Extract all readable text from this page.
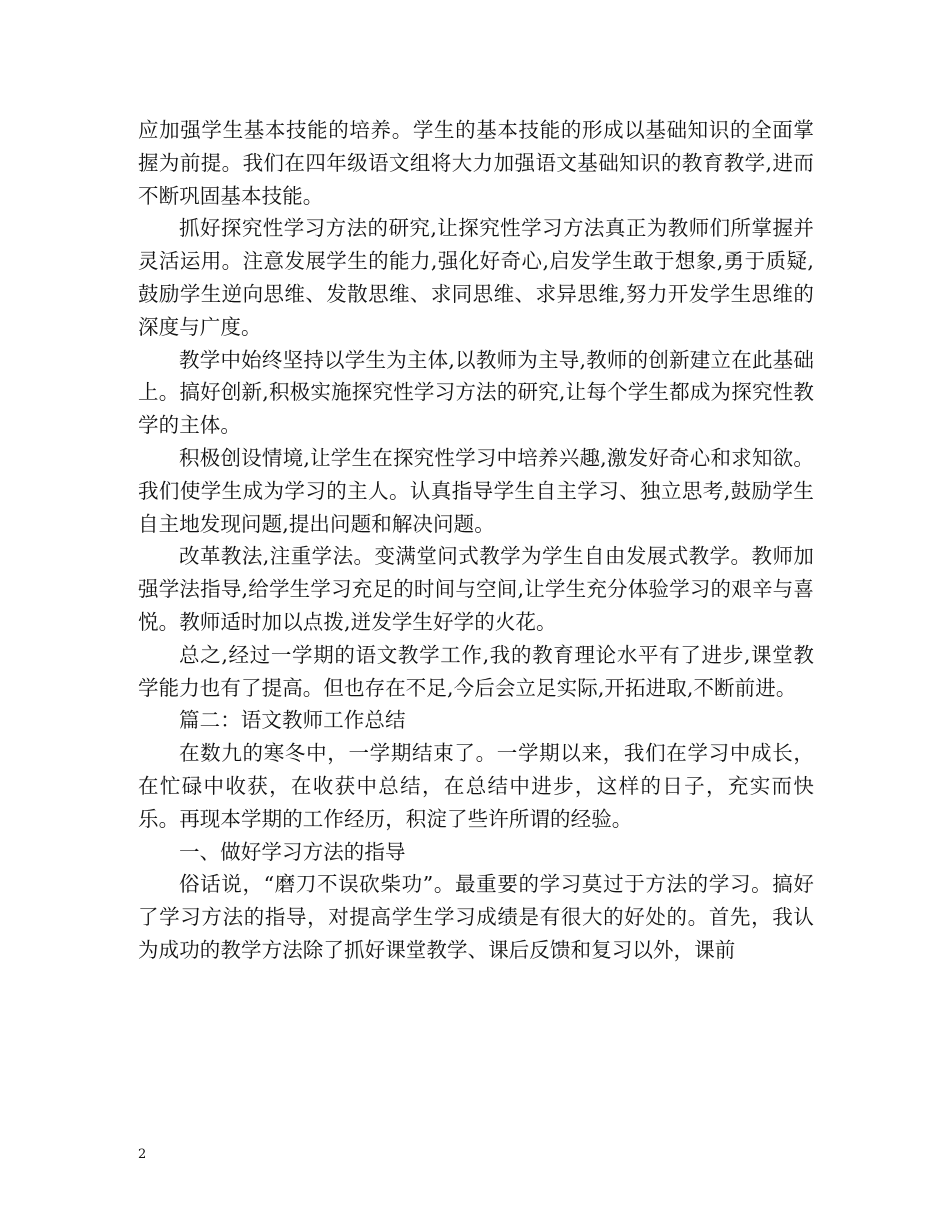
应加强学生基本技能的培养。学生的基本技能的形成以基础知识的全面掌握为前提。我们在四年级语文组将大力加强语文基础知识的教育教学,进而不断巩固基本技能。

抓好探究性学习方法的研究,让探究性学习方法真正为教师们所掌握并灵活运用。注意发展学生的能力,强化好奇心,启发学生敢于想象,勇于质疑,鼓励学生逆向思维、发散思维、求同思维、求异思维,努力开发学生思维的深度与广度。

教学中始终坚持以学生为主体,以教师为主导,教师的创新建立在此基础上。搞好创新,积极实施探究性学习方法的研究,让每个学生都成为探究性教学的主体。

积极创设情境,让学生在探究性学习中培养兴趣,激发好奇心和求知欲。我们使学生成为学习的主人。认真指导学生自主学习、独立思考,鼓励学生自主地发现问题,提出问题和解决问题。

改革教法,注重学法。变满堂问式教学为学生自由发展式教学。教师加强学法指导,给学生学习充足的时间与空间,让学生充分体验学习的艰辛与喜悦。教师适时加以点拨,迸发学生好学的火花。

总之,经过一学期的语文教学工作,我的教育理论水平有了进步,课堂教学能力也有了提高。但也存在不足,今后会立足实际,开拓进取,不断前进。

篇二：语文教师工作总结

在数九的寒冬中，一学期结束了。一学期以来，我们在学习中成长，在忙碌中收获，在收获中总结，在总结中进步，这样的日子，充实而快乐。再现本学期的工作经历，积淀了些许所谓的经验。

一、做好学习方法的指导

俗话说，“磨刀不误砍柴功”。最重要的学习莫过于方法的学习。搞好了学习方法的指导，对提高学生学习成绩是有很大的好处的。首先，我认为成功的教学方法除了抓好课堂教学、课后反馈和复习以外，课前

2
